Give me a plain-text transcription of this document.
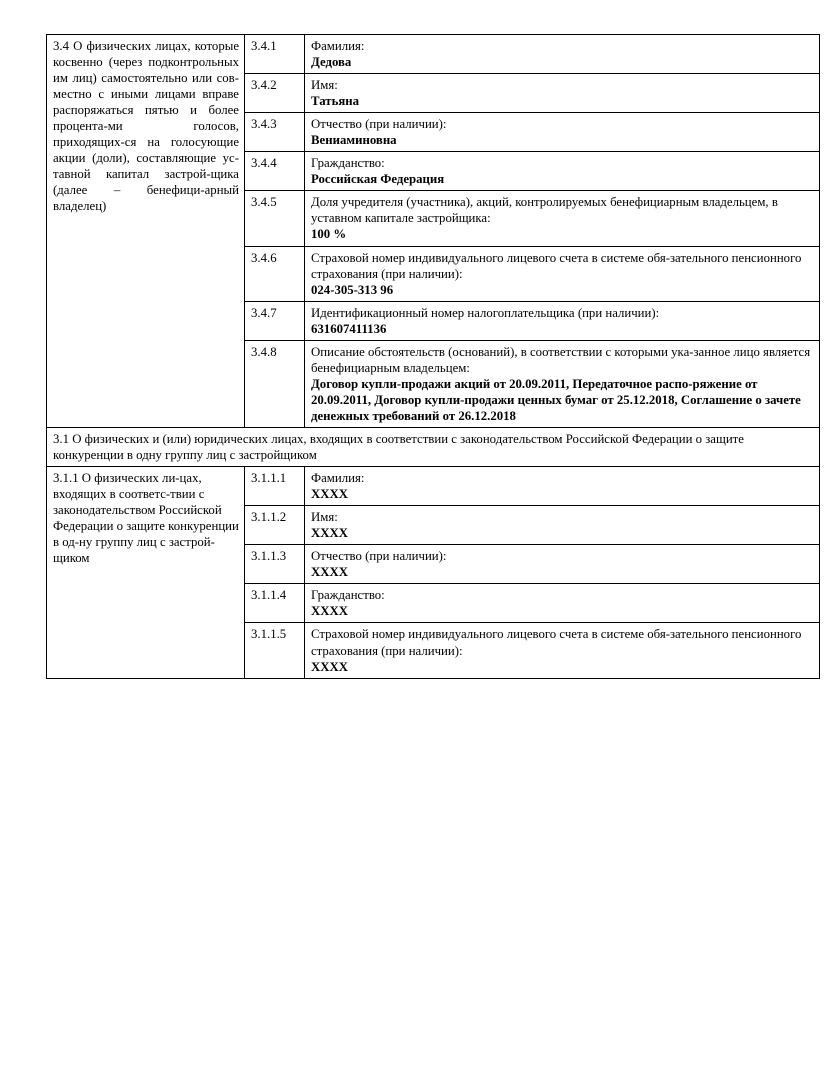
3.4 О физических лицах, которые косвенно (через подконтрольных им лиц) самостоятельно или сов-местно с иными лицами вправе распоряжаться пятью и более процента-ми голосов, приходящих-ся на голосующие акции (доли), составляющие ус-тавной капитал застрой-щика (далее – бенефици-арный владелец)	3.4.1	Фамилия:
Дедова

	3.4.2	Имя:
Татьяна

	3.4.3	Отчество (при наличии):
Вениаминовна

	3.4.4	Гражданство:
Российская Федерация

	3.4.5	Доля учредителя (участника), акций, контролируемых бенефициарным владельцем, в уставном капитале застройщика:
100 %

	3.4.6	Страховой номер индивидуального лицевого счета в системе обя-зательного пенсионного страхования (при наличии):
024-305-313 96

	3.4.7	Идентификационный номер налогоплательщика (при наличии):
631607411136

	3.4.8	Описание обстоятельств (оснований), в соответствии с которыми ука-занное лицо является бенефициарным владельцем:
Договор купли-продажи акций от 20.09.2011, Передаточное распо-ряжение от 20.09.2011, Договор купли-продажи ценных бумаг от 25.12.2018, Соглашение о зачете денежных требований от 26.12.2018

3.1 О физических и (или) юридических лицах, входящих в соответствии с законодательством Российской Федерации о защите конкуренции в одну группу лиц с застройщиком		
3.1.1 О физических ли-цах, входящих в соответс-твии с законодательством Российской Федерации о защите конкуренции в од-ну группу лиц с застрой-щиком	3.1.1.1	Фамилия:
ХХХХ

	3.1.1.2	Имя:
ХХХХ

	3.1.1.3	Отчество (при наличии):
ХХХХ

	3.1.1.4	Гражданство:
ХХХХ

	3.1.1.5	Страховой номер индивидуального лицевого счета в системе обя-зательного пенсионного страхования (при наличии):
ХХХХ
